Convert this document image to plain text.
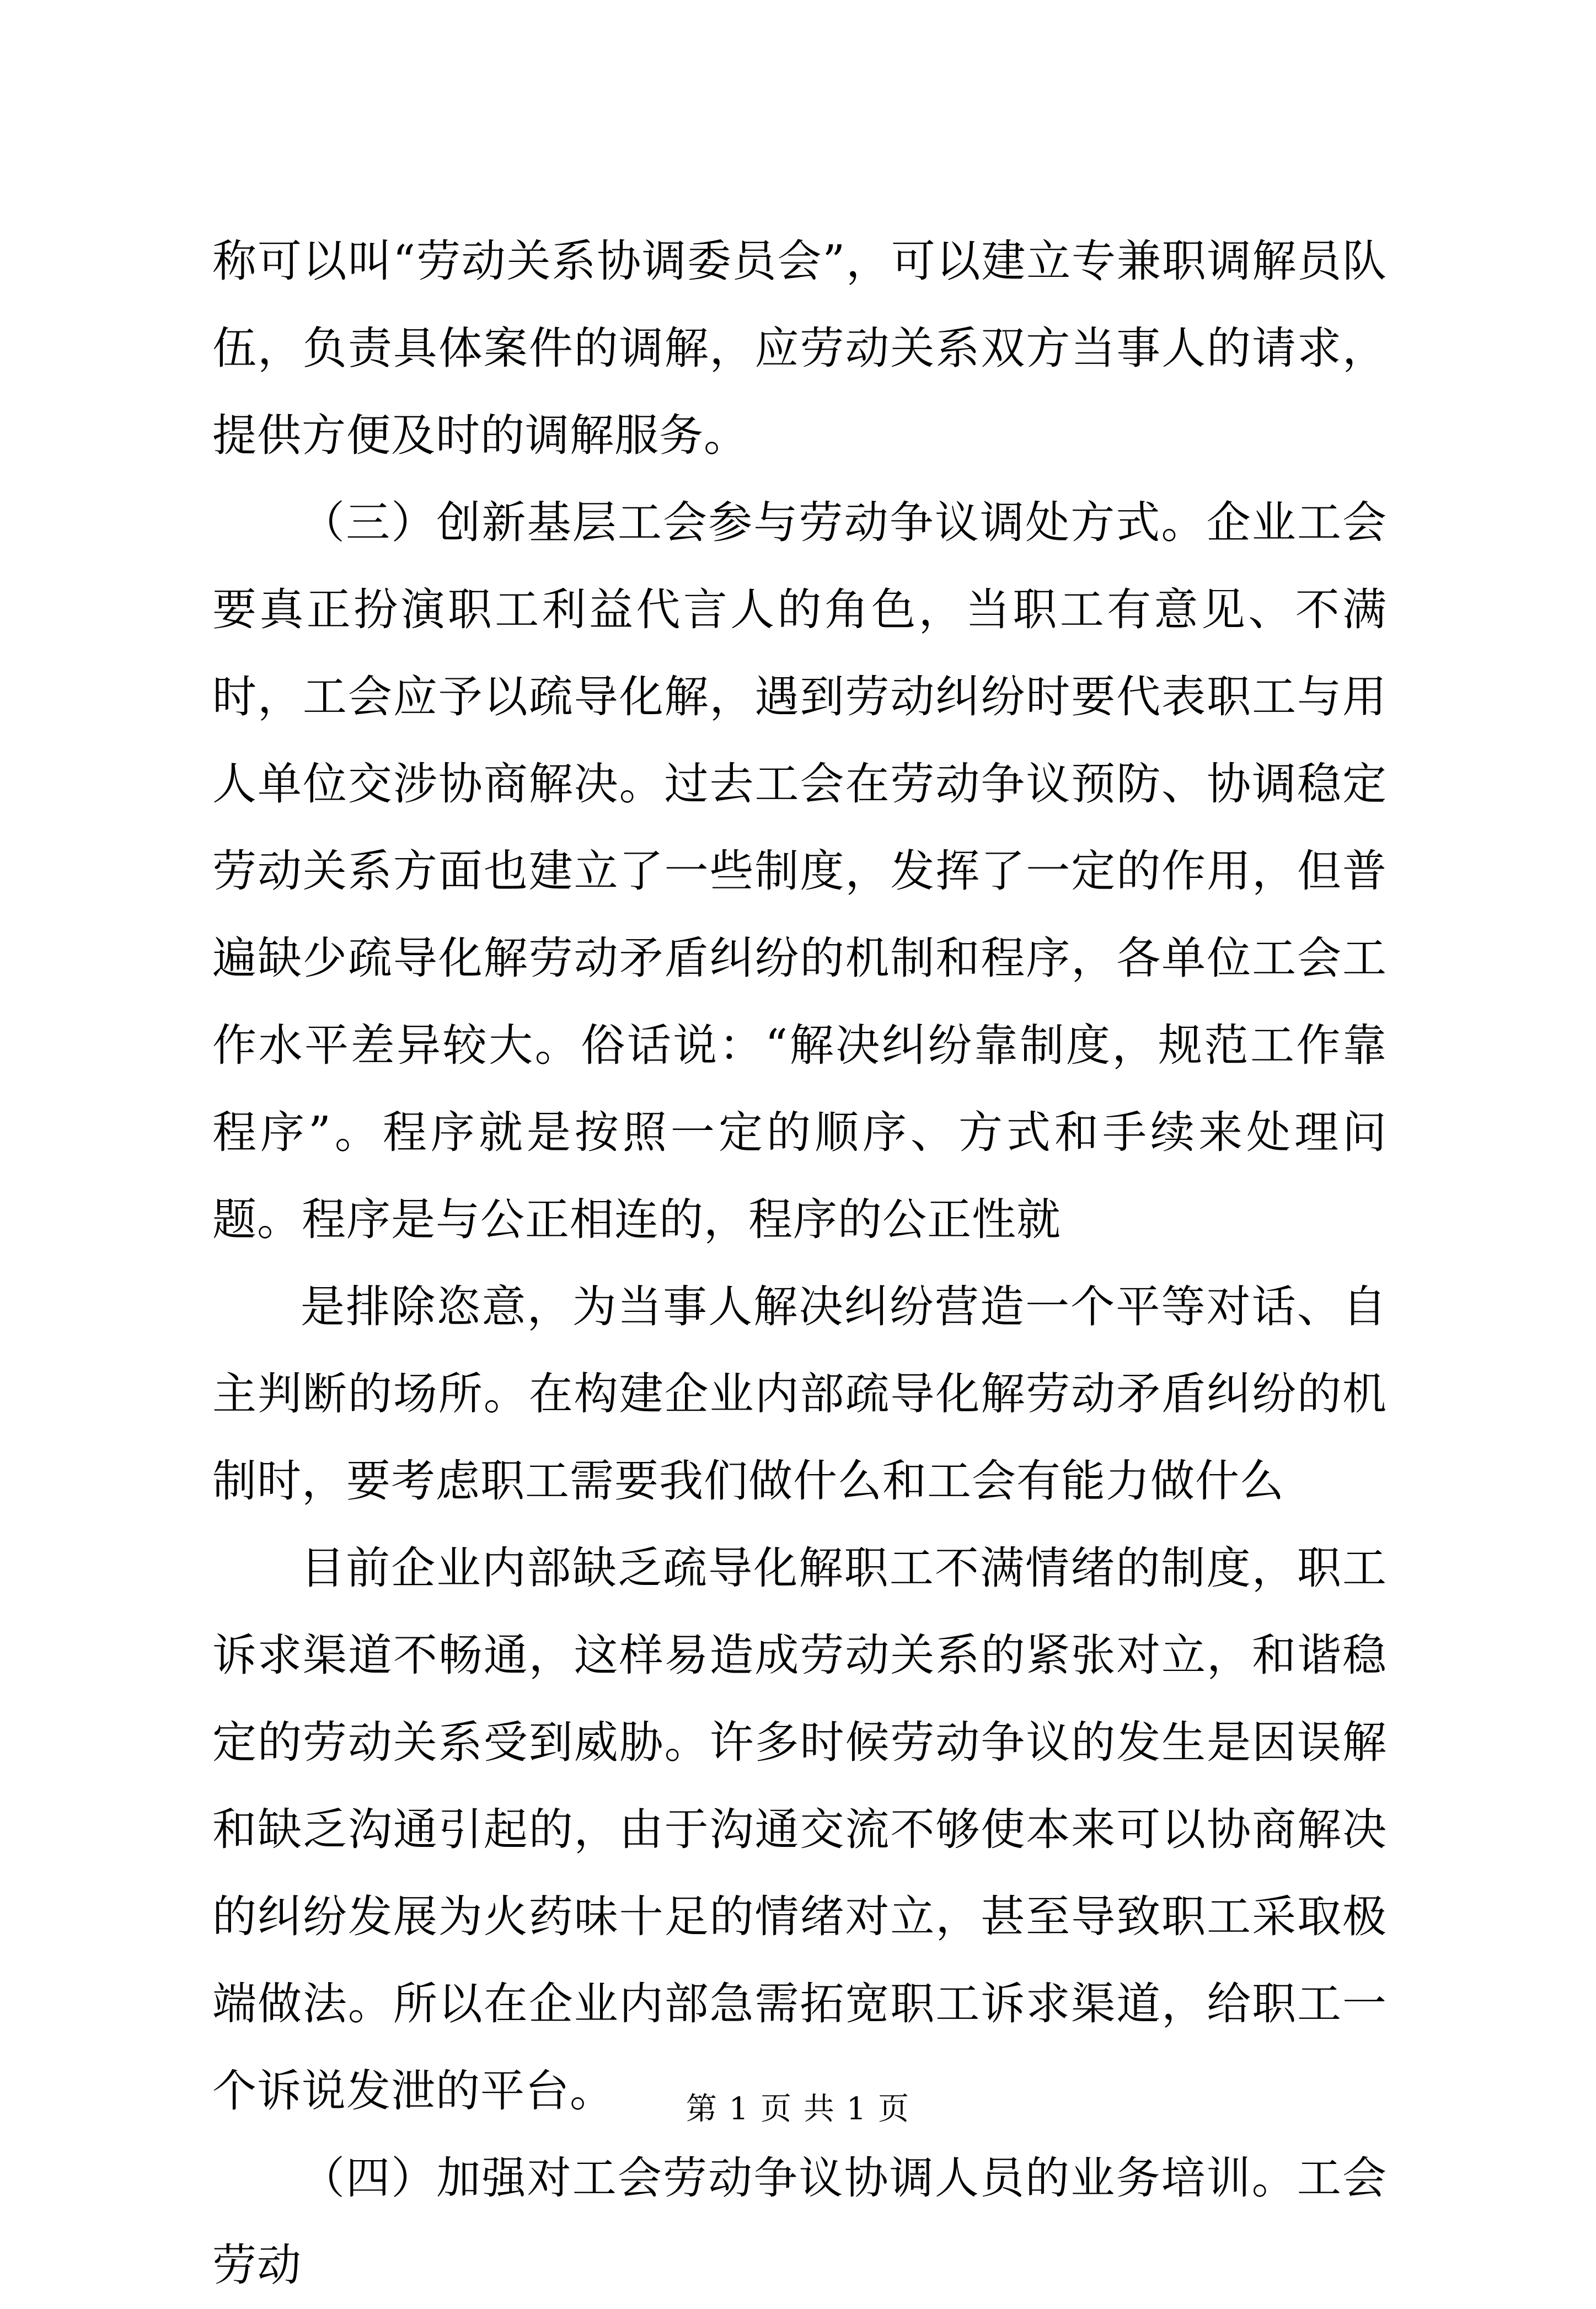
称可以叫“劳动关系协调委员会”，可以建立专兼职调解员队伍，负责具体案件的调解，应劳动关系双方当事人的请求，提供方便及时的调解服务。

（三）创新基层工会参与劳动争议调处方式。企业工会要真正扮演职工利益代言人的角色，当职工有意见、不满时，工会应予以疏导化解，遇到劳动纠纷时要代表职工与用人单位交涉协商解决。过去工会在劳动争议预防、协调稳定劳动关系方面也建立了一些制度，发挥了一定的作用，但普遍缺少疏导化解劳动矛盾纠纷的机制和程序，各单位工会工作水平差异较大。俗话说：“解决纠纷靠制度，规范工作靠程序”。程序就是按照一定的顺序、方式和手续来处理问题。程序是与公正相连的，程序的公正性就

是排除恣意，为当事人解决纠纷营造一个平等对话、自主判断的场所。在构建企业内部疏导化解劳动矛盾纠纷的机制时，要考虑职工需要我们做什么和工会有能力做什么

目前企业内部缺乏疏导化解职工不满情绪的制度，职工诉求渠道不畅通，这样易造成劳动关系的紧张对立，和谐稳定的劳动关系受到威胁。许多时候劳动争议的发生是因误解和缺乏沟通引起的，由于沟通交流不够使本来可以协商解决的纠纷发展为火药味十足的情绪对立，甚至导致职工采取极端做法。所以在企业内部急需拓宽职工诉求渠道，给职工一个诉说发泄的平台。

（四）加强对工会劳动争议协调人员的业务培训。工会劳动

第 1 页 共 1 页
